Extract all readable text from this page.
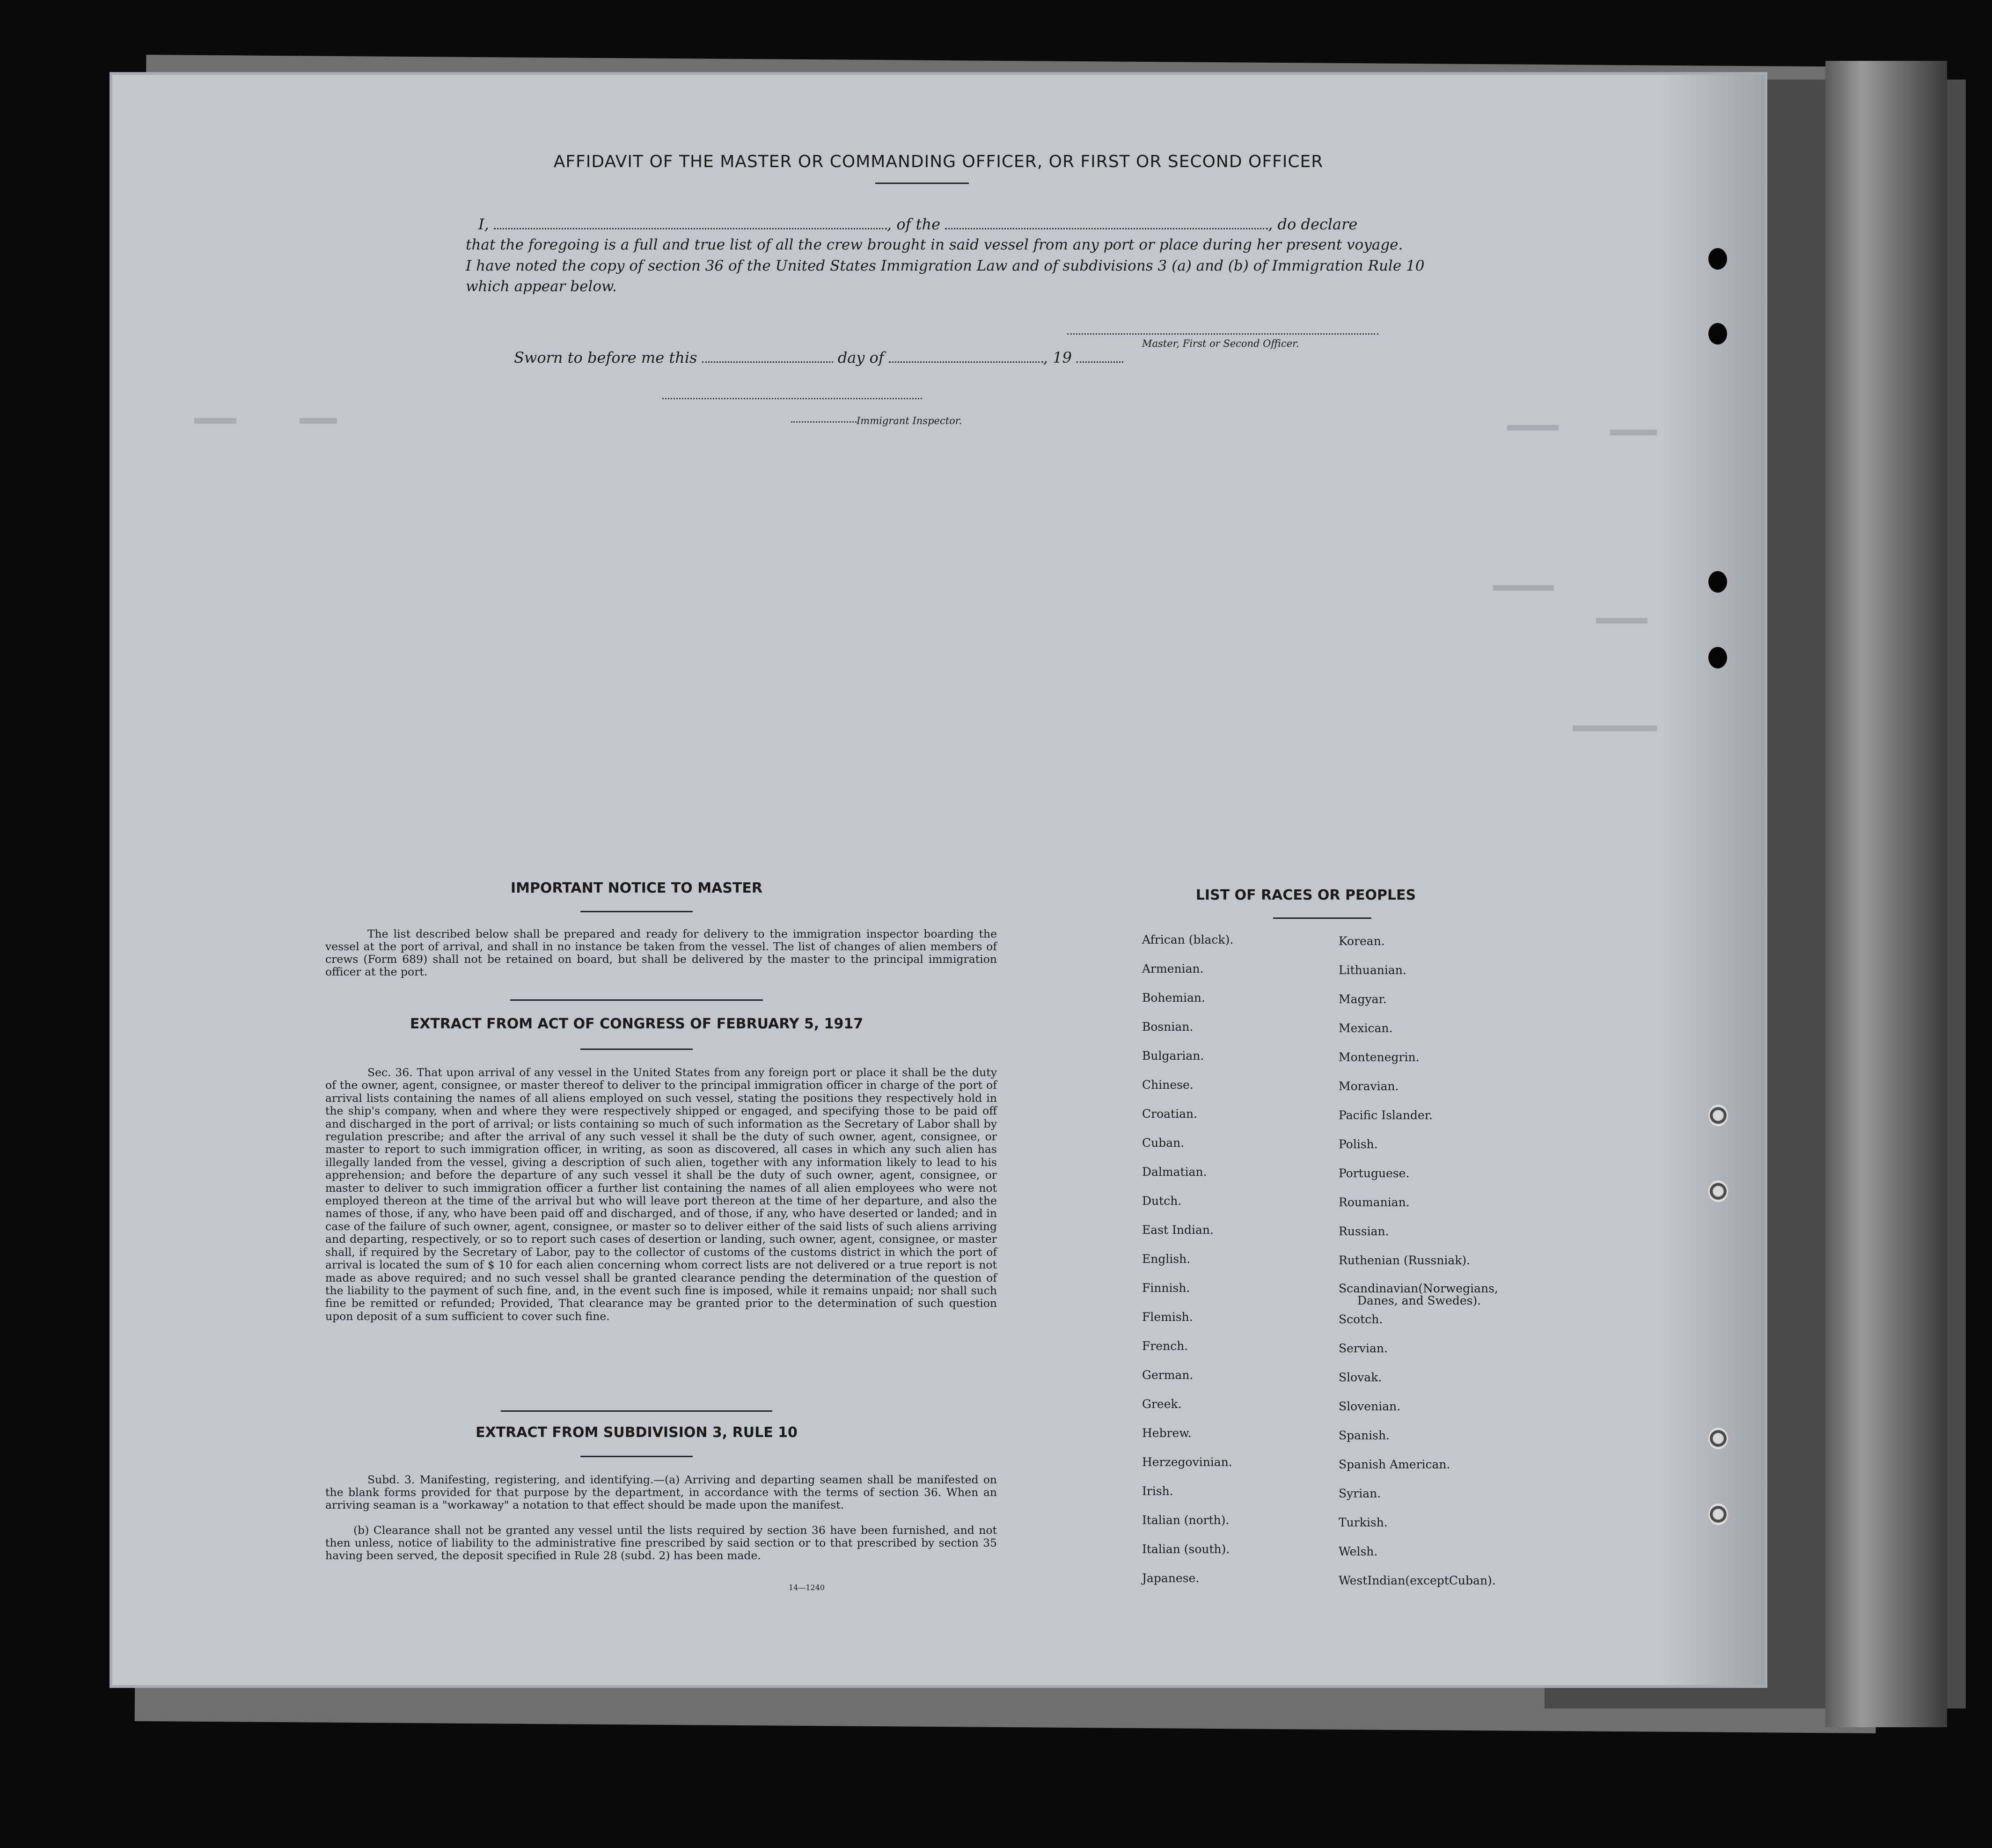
AFFIDAVIT OF THE MASTER OR COMMANDING OFFICER, OR FIRST OR SECOND OFFICER
I,	, of the	, do declare
that the foregoing is a full and true list of all the crew brought in said vessel from any port or place during her present voyage.
I have noted the copy of section 36 of the United States Immigration Law and of subdivisions 3 (a) and (b) of Immigration Rule 10
which appear below.
Master, First or Second Officer.
Sworn to before me this	day of	, 19
Immigrant Inspector.
IMPORTANT NOTICE TO MASTER

The list described below shall be prepared and ready for delivery to the immigration inspector boarding the vessel at the port of arrival, and shall in no instance be taken from the vessel. The list of changes of alien members of crews (Form 689) shall not be retained on board, but shall be delivered by the master to the principal immigration officer at the port.

EXTRACT FROM ACT OF CONGRESS OF FEBRUARY 5, 1917

Sec. 36. That upon arrival of any vessel in the United States from any foreign port or place it shall be the duty of the owner, agent, consignee, or master thereof to deliver to the principal immigration officer in charge of the port of arrival lists containing the names of all aliens employed on such vessel, stating the positions they respectively hold in the ship's company, when and where they were respectively shipped or engaged, and specifying those to be paid off and discharged in the port of arrival; or lists containing so much of such information as the Secretary of Labor shall by regulation prescribe; and after the arrival of any such vessel it shall be the duty of such owner, agent, consignee, or master to report to such immigration officer, in writing, as soon as discovered, all cases in which any such alien has illegally landed from the vessel, giving a description of such alien, together with any information likely to lead to his apprehension; and before the departure of any such vessel it shall be the duty of such owner, agent, consignee, or master to deliver to such immigration officer a further list containing the names of all alien employees who were not employed thereon at the time of the arrival but who will leave port thereon at the time of her departure, and also the names of those, if any, who have been paid off and discharged, and of those, if any, who have deserted or landed; and in case of the failure of such owner, agent, consignee, or master so to deliver either of the said lists of such aliens arriving and departing, respectively, or so to report such cases of desertion or landing, such owner, agent, consignee, or master shall, if required by the Secretary of Labor, pay to the collector of customs of the customs district in which the port of arrival is located the sum of $ 10 for each alien concerning whom correct lists are not delivered or a true report is not made as above required; and no such vessel shall be granted clearance pending the determination of the question of the liability to the payment of such fine, and, in the event such fine is imposed, while it remains unpaid; nor shall such fine be remitted or refunded; Provided, That clearance may be granted prior to the determination of such question upon deposit of a sum sufficient to cover such fine.

EXTRACT FROM SUBDIVISION 3, RULE 10

Subd. 3. Manifesting, registering, and identifying.—(a) Arriving and departing seamen shall be manifested on the blank forms provided for that purpose by the department, in accordance with the terms of section 36. When an arriving seaman is a "workaway" a notation to that effect should be made upon the manifest.

(b) Clearance shall not be granted any vessel until the lists required by section 36 have been furnished, and not then unless, notice of liability to the administrative fine prescribed by said section or to that prescribed by section 35 having been served, the deposit specified in Rule 28 (subd. 2) has been made.

14—1240
LIST OF RACES OR PEOPLES
African (black).
Armenian.
Bohemian.
Bosnian.
Bulgarian.
Chinese.
Croatian.
Cuban.
Dalmatian.
Dutch.
East Indian.
English.
Finnish.
Flemish.
French.
German.
Greek.
Hebrew.
Herzegovinian.
Irish.
Italian (north).
Italian (south).
Japanese.
Korean.
Lithuanian.
Magyar.
Mexican.
Montenegrin.
Moravian.
Pacific Islander.
Polish.
Portuguese.
Roumanian.
Russian.
Ruthenian (Russniak).
Scandinavian(Norwegians,
Danes, and Swedes).
Scotch.
Servian.
Slovak.
Slovenian.
Spanish.
Spanish American.
Syrian.
Turkish.
Welsh.
WestIndian(exceptCuban).
